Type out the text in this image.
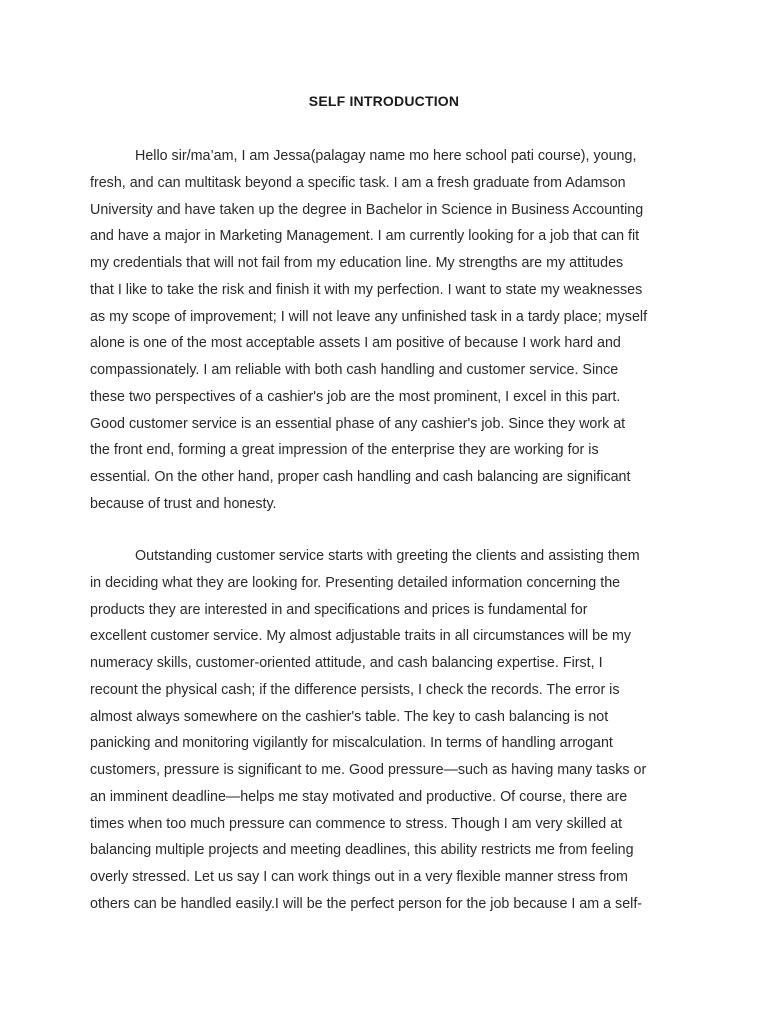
SELF INTRODUCTION
Hello sir/ma’am, I am Jessa(palagay name mo here school pati course), young,
fresh, and can multitask beyond a specific task. I am a fresh graduate from Adamson
University and have taken up the degree in Bachelor in Science in Business Accounting
and have a major in Marketing Management. I am currently looking for a job that can fit
my credentials that will not fail from my education line. My strengths are my attitudes
that I like to take the risk and finish it with my perfection. I want to state my weaknesses
as my scope of improvement; I will not leave any unfinished task in a tardy place; myself
alone is one of the most acceptable assets I am positive of because I work hard and
compassionately. I am reliable with both cash handling and customer service. Since
these two perspectives of a cashier's job are the most prominent, I excel in this part.
Good customer service is an essential phase of any cashier's job. Since they work at
the front end, forming a great impression of the enterprise they are working for is
essential. On the other hand, proper cash handling and cash balancing are significant
because of trust and honesty.
Outstanding customer service starts with greeting the clients and assisting them
in deciding what they are looking for. Presenting detailed information concerning the
products they are interested in and specifications and prices is fundamental for
excellent customer service. My almost adjustable traits in all circumstances will be my
numeracy skills, customer-oriented attitude, and cash balancing expertise. First, I
recount the physical cash; if the difference persists, I check the records. The error is
almost always somewhere on the cashier's table. The key to cash balancing is not
panicking and monitoring vigilantly for miscalculation. In terms of handling arrogant
customers, pressure is significant to me. Good pressure—such as having many tasks or
an imminent deadline—helps me stay motivated and productive. Of course, there are
times when too much pressure can commence to stress. Though I am very skilled at
balancing multiple projects and meeting deadlines, this ability restricts me from feeling
overly stressed. Let us say I can work things out in a very flexible manner stress from
others can be handled easily.I will be the perfect person for the job because I am a self-
